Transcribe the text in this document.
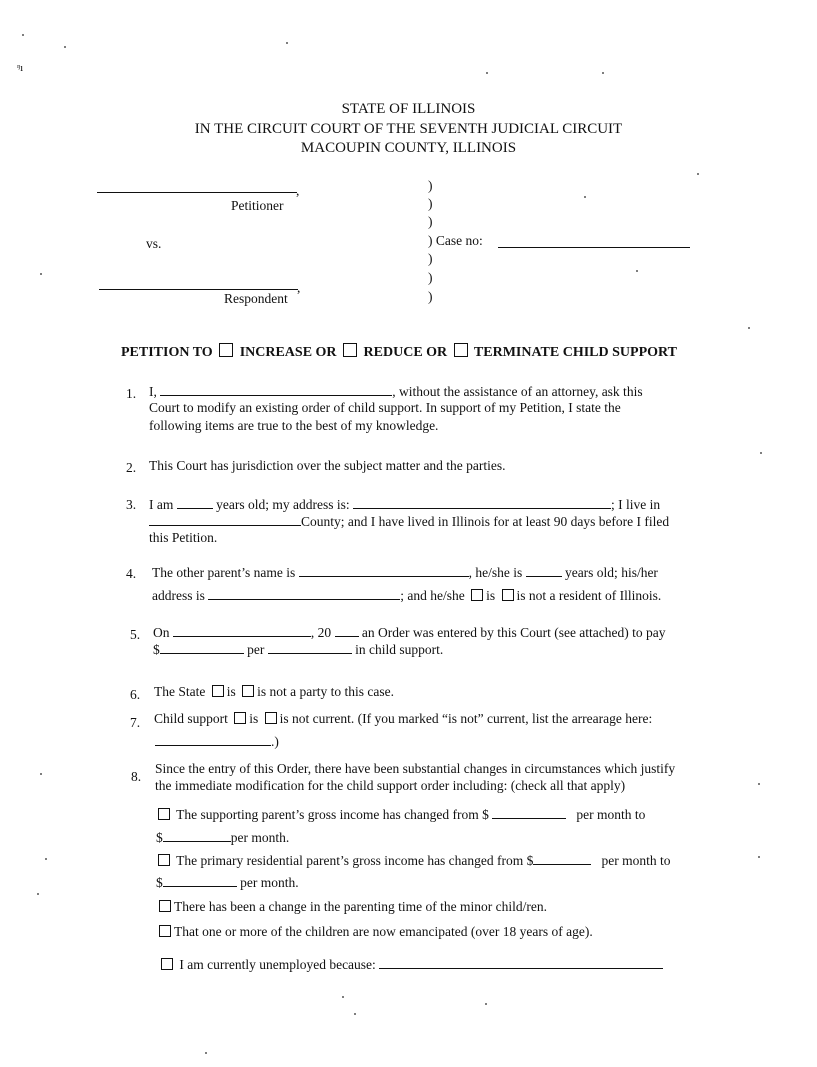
ᵑı
STATE OF ILLINOIS
IN THE CIRCUIT COURT OF THE SEVENTH JUDICIAL CIRCUIT
MACOUPIN COUNTY, ILLINOIS
,
Petitioner
vs.
,
Respondent
)
)
)
) Case no:
)
)
)
PETITION TO INCREASE OR REDUCE OR TERMINATE CHILD SUPPORT
1. I,	, without the assistance of an attorney, ask this
Court to modify an existing order of child support. In support of my Petition, I state the
following items are true to the best of my knowledge.
2. This Court has jurisdiction over the subject matter and the parties.
3. I am	years old; my address is:	; I live in
County; and I have lived in Illinois for at least 90 days before I filed
this Petition.
4. The other parent’s name is	, he/she is	years old; his/her
address is	; and he/she is is not a resident of Illinois.
5. On	, 20 an Order was entered by this Court (see attached) to pay
$	per	in child support.
6. The State is is not a party to this case.
7. Child support is is not current. (If you marked “is not” current, list the arrearage here:
.)
8.
Since the entry of this Order, there have been substantial changes in circumstances which justify
the immediate modification for the child support order including: (check all that apply)
The supporting parent’s gross income has changed from $	per month to
$	per month.
The primary residential parent’s gross income has changed from $	per month to
$	per month.
There has been a change in the parenting time of the minor child/ren.
That one or more of the children are now emancipated (over 18 years of age).
I am currently unemployed because:
